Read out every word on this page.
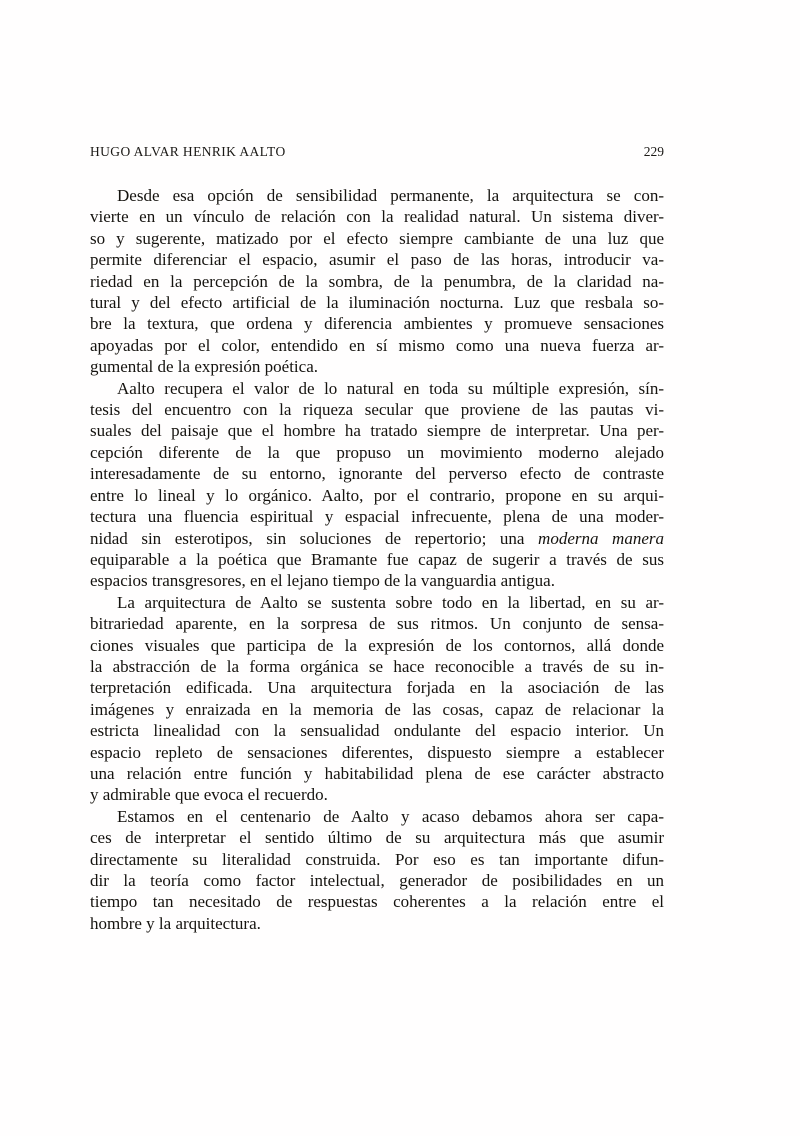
HUGO ALVAR HENRIK AALTO	229
Desde esa opción de sensibilidad permanente, la arquitectura se con-
vierte en un vínculo de relación con la realidad natural. Un sistema diver-
so y sugerente, matizado por el efecto siempre cambiante de una luz que
permite diferenciar el espacio, asumir el paso de las horas, introducir va-
riedad en la percepción de la sombra, de la penumbra, de la claridad na-
tural y del efecto artificial de la iluminación nocturna. Luz que resbala so-
bre la textura, que ordena y diferencia ambientes y promueve sensaciones
apoyadas por el color, entendido en sí mismo como una nueva fuerza ar-
gumental de la expresión poética.
Aalto recupera el valor de lo natural en toda su múltiple expresión, sín-
tesis del encuentro con la riqueza secular que proviene de las pautas vi-
suales del paisaje que el hombre ha tratado siempre de interpretar. Una per-
cepción diferente de la que propuso un movimiento moderno alejado
interesadamente de su entorno, ignorante del perverso efecto de contraste
entre lo lineal y lo orgánico. Aalto, por el contrario, propone en su arqui-
tectura una fluencia espiritual y espacial infrecuente, plena de una moder-
nidad sin esterotipos, sin soluciones de repertorio; una moderna manera
equiparable a la poética que Bramante fue capaz de sugerir a través de sus
espacios transgresores, en el lejano tiempo de la vanguardia antigua.
La arquitectura de Aalto se sustenta sobre todo en la libertad, en su ar-
bitrariedad aparente, en la sorpresa de sus ritmos. Un conjunto de sensa-
ciones visuales que participa de la expresión de los contornos, allá donde
la abstracción de la forma orgánica se hace reconocible a través de su in-
terpretación edificada. Una arquitectura forjada en la asociación de las
imágenes y enraizada en la memoria de las cosas, capaz de relacionar la
estricta linealidad con la sensualidad ondulante del espacio interior. Un
espacio repleto de sensaciones diferentes, dispuesto siempre a establecer
una relación entre función y habitabilidad plena de ese carácter abstracto
y admirable que evoca el recuerdo.
Estamos en el centenario de Aalto y acaso debamos ahora ser capa-
ces de interpretar el sentido último de su arquitectura más que asumir
directamente su literalidad construida. Por eso es tan importante difun-
dir la teoría como factor intelectual, generador de posibilidades en un
tiempo tan necesitado de respuestas coherentes a la relación entre el
hombre y la arquitectura.
